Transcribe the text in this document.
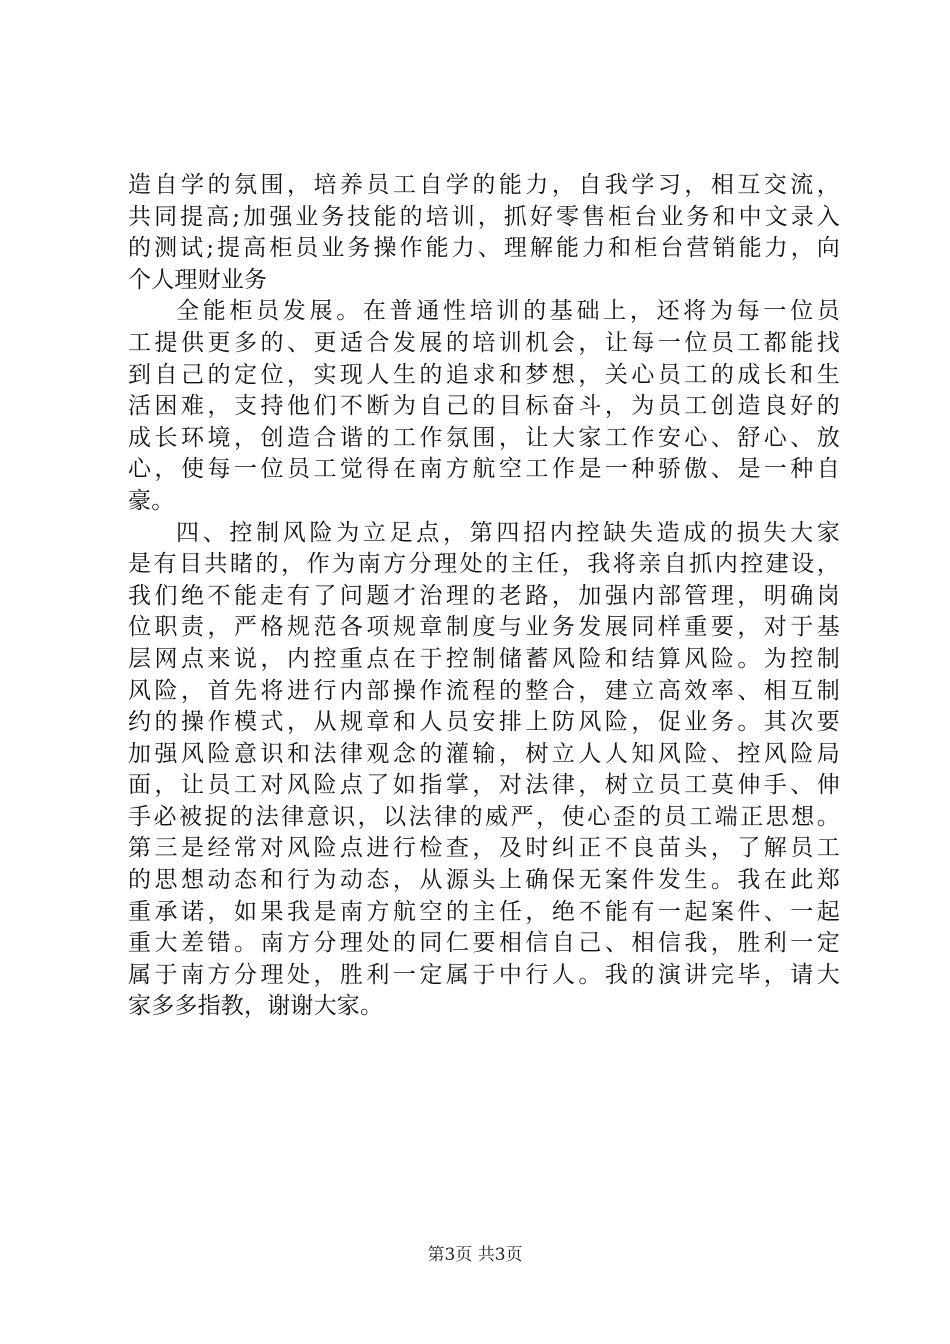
造自学的氛围，培养员工自学的能力，自我学习，相互交流，
共同提高;加强业务技能的培训，抓好零售柜台业务和中文录入
的测试;提高柜员业务操作能力、理解能力和柜台营销能力，向
个人理财业务
全能柜员发展。在普通性培训的基础上，还将为每一位员
工提供更多的、更适合发展的培训机会，让每一位员工都能找
到自己的定位，实现人生的追求和梦想，关心员工的成长和生
活困难，支持他们不断为自己的目标奋斗，为员工创造良好的
成长环境，创造合谐的工作氛围，让大家工作安心、舒心、放
心，使每一位员工觉得在南方航空工作是一种骄傲、是一种自
豪。
四、控制风险为立足点，第四招内控缺失造成的损失大家
是有目共睹的，作为南方分理处的主任，我将亲自抓内控建设，
我们绝不能走有了问题才治理的老路，加强内部管理，明确岗
位职责，严格规范各项规章制度与业务发展同样重要，对于基
层网点来说，内控重点在于控制储蓄风险和结算风险。为控制
风险，首先将进行内部操作流程的整合，建立高效率、相互制
约的操作模式，从规章和人员安排上防风险，促业务。其次要
加强风险意识和法律观念的灌输，树立人人知风险、控风险局
面，让员工对风险点了如指掌，对法律，树立员工莫伸手、伸
手必被捉的法律意识，以法律的威严，使心歪的员工端正思想。
第三是经常对风险点进行检查，及时纠正不良苗头，了解员工
的思想动态和行为动态，从源头上确保无案件发生。我在此郑
重承诺，如果我是南方航空的主任，绝不能有一起案件、一起
重大差错。南方分理处的同仁要相信自己、相信我，胜利一定
属于南方分理处，胜利一定属于中行人。我的演讲完毕，请大
家多多指教，谢谢大家。
第3页 共3页
